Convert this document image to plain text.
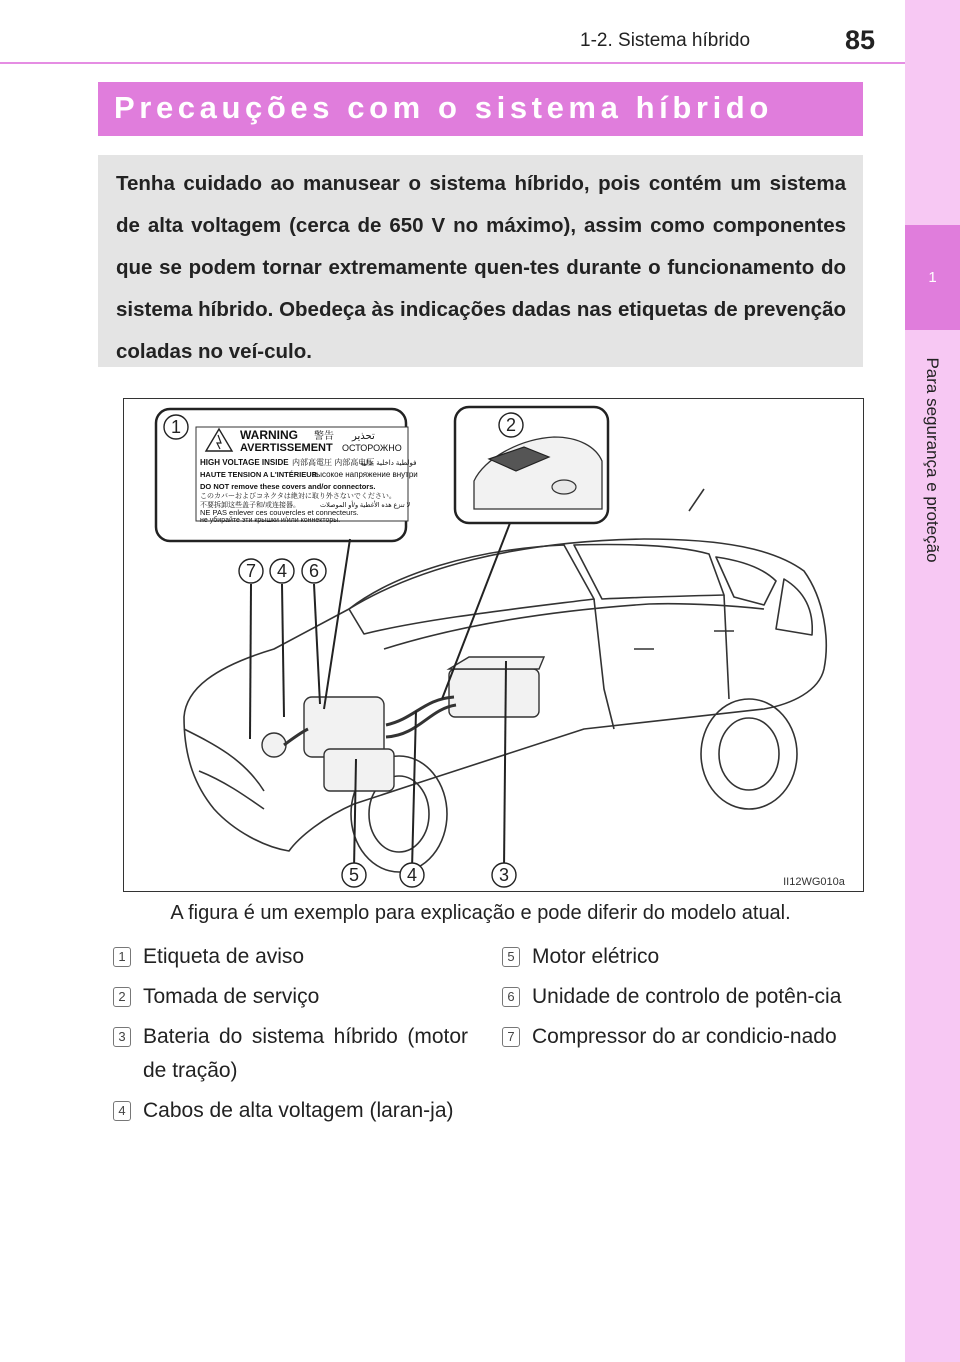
1-2. Sistema híbrido	85
1
Para segurança e proteção
Precauções com o sistema híbrido

Tenha cuidado ao manusear o sistema híbrido, pois contém um sistema de alta voltagem (cerca de 650 V no máximo), assim como componentes que se podem tornar extremamente quen-tes durante o funcionamento do sistema híbrido. Obedeça às indicações dadas nas etiquetas de prevenção coladas no veí-culo.

WARNING 警告 تحذير
AVERTISSEMENT ОСТОРОЖНО
HIGH VOLTAGE INSIDE 内部高電圧 内部高电压
فولطية داخلية عالية
HAUTE TENSION A L'INTÉRIEUR
высокое напряжение внутри
DO NOT remove these covers and/or connectors.
このカバーおよびコネクタは絶対に取り外さないでください。
不要拆卸这些盖子和/或连接器。	لا تنزع هذه الأغطية و/أو الموصلات
NE PAS enlever ces couvercles et connecteurs.
не убирайте эти крышки и/или коннекторы.
1	2
7 4 6
5	4	3	II12WG010a
A figura é um exemplo para explicação e pode diferir do modelo atual.
1 Etiqueta de aviso
2 Tomada de serviço
3 Bateria do sistema híbrido (motor de tração)
4 Cabos de alta voltagem (laran-ja)
5 Motor elétrico
6 Unidade de controlo de potên-cia
7 Compressor do ar condicio-nado
